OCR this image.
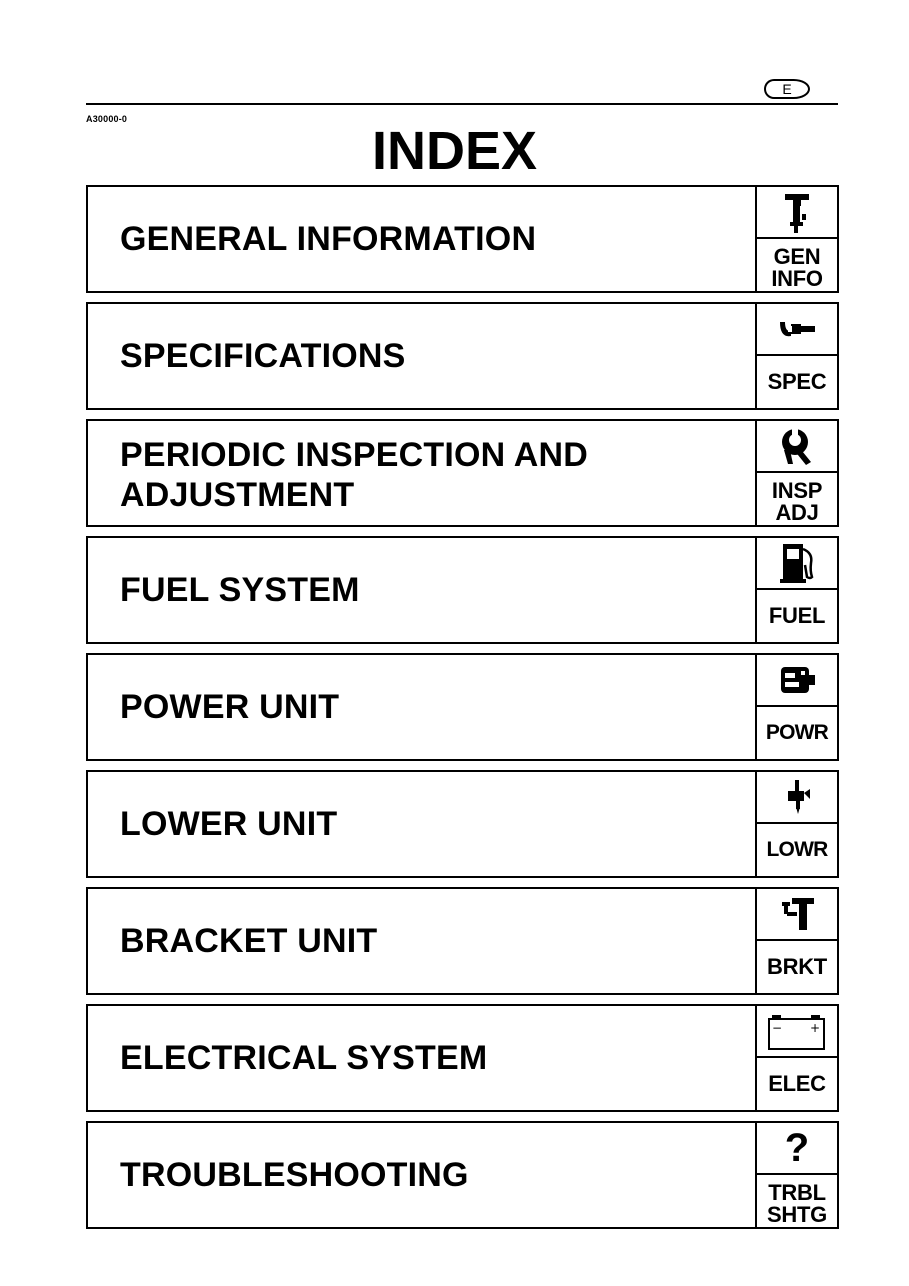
E
A30000-0
INDEX
GENERAL INFORMATION	GEN
INFO
SPECIFICATIONS
SPEC
PERIODIC INSPECTION AND
ADJUSTMENT	INSP
ADJ
FUEL SYSTEM
FUEL
POWER UNIT
POWR
LOWER UNIT
LOWR
BRACKET UNIT
BRKT
ELECTRICAL SYSTEM
− +
ELEC
TROUBLESHOOTING
?
TRBL
SHTG
